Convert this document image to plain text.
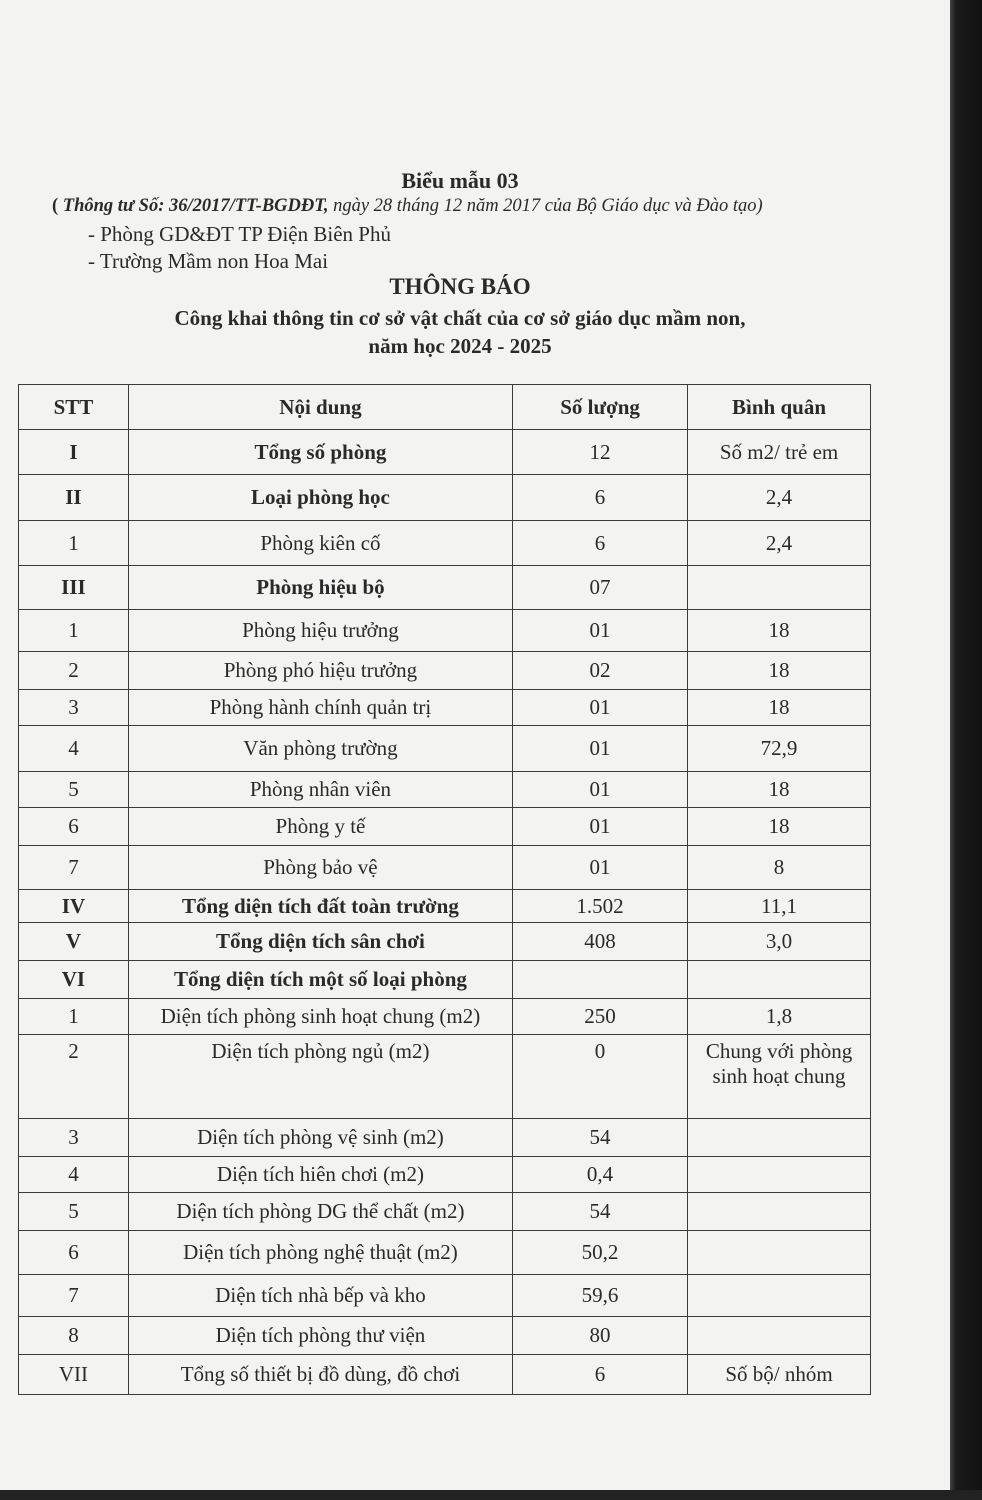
Biểu mẫu 03
( Thông tư Số: 36/2017/TT-BGDĐT, ngày 28 tháng 12 năm 2017 của Bộ Giáo dục và Đào tạo)
- Phòng GD&ĐT TP Điện Biên Phủ
- Trường Mầm non Hoa Mai
THÔNG BÁO
Công khai thông tin cơ sở vật chất của cơ sở giáo dục mầm non,
năm học 2024 - 2025
STT	Nội dung	Số lượng	Bình quân
I	Tổng số phòng	12	Số m2/ trẻ em
II	Loại phòng học	6	2,4
1	Phòng kiên cố	6	2,4
III	Phòng hiệu bộ	07	
1	Phòng hiệu trưởng	01	18
2	Phòng phó hiệu trưởng	02	18
3	Phòng hành chính quản trị	01	18
4	Văn phòng trường	01	72,9
5	Phòng nhân viên	01	18
6	Phòng y tế	01	18
7	Phòng bảo vệ	01	8
IV	Tổng diện tích đất toàn trường	1.502	11,1
V	Tổng diện tích sân chơi	408	3,0
VI	Tổng diện tích một số loại phòng		
1	Diện tích phòng sinh hoạt chung (m2)	250	1,8
2	Diện tích phòng ngủ (m2)	0	Chung với phòng sinh hoạt chung
3	Diện tích phòng vệ sinh (m2)	54	
4	Diện tích hiên chơi (m2)	0,4	
5	Diện tích phòng DG thể chất (m2)	54	
6	Diện tích phòng nghệ thuật (m2)	50,2	
7	Diện tích nhà bếp và kho	59,6	
8	Diện tích phòng thư viện	80	
VII	Tổng số thiết bị đồ dùng, đồ chơi	6	Số bộ/ nhóm
